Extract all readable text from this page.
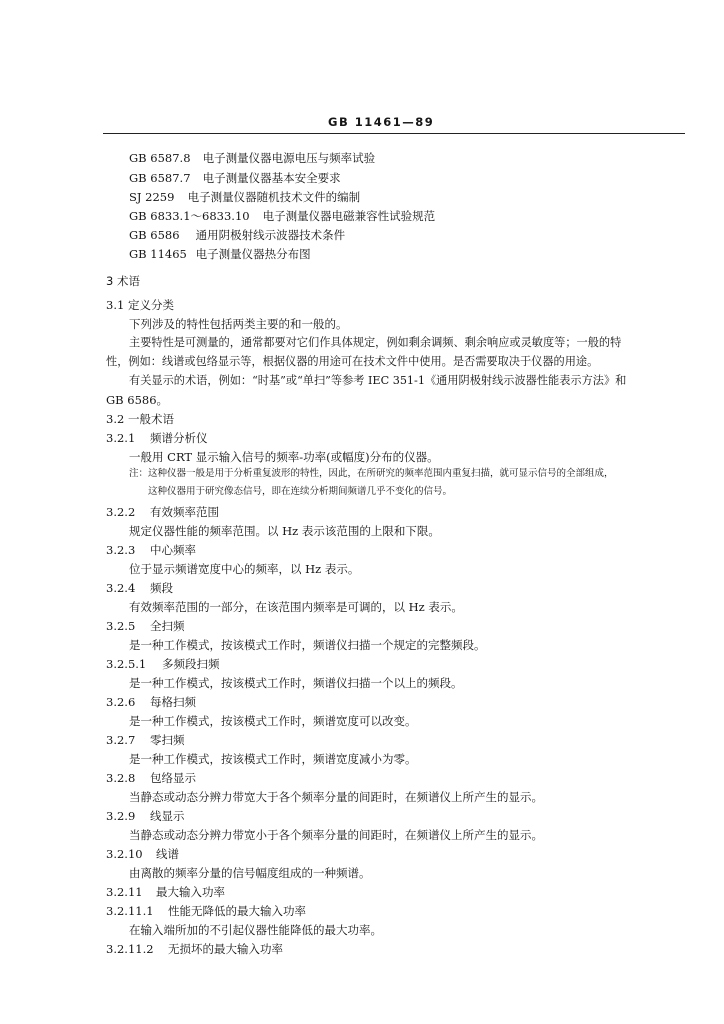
GB 11461—89
GB 6587.8 电子测量仪器电源电压与频率试验
GB 6587.7 电子测量仪器基本安全要求
SJ 2259 电子测量仪器随机技术文件的编制
GB 6833.1～6833.10 电子测量仪器电磁兼容性试验规范
GB 6586 通用阴极射线示波器技术条件
GB 11465 电子测量仪器热分布图
3 术语
3.1 定义分类
下列涉及的特性包括两类主要的和一般的。
主要特性是可测量的，通常都要对它们作具体规定，例如剩余调频、剩余响应或灵敏度等；一般的特
性，例如：线谱或包络显示等，根据仪器的用途可在技术文件中使用。是否需要取决于仪器的用途。
有关显示的术语，例如：“时基”或“单扫”等参考 IEC 351-1《通用阴极射线示波器性能表示方法》和
GB 6586。
3.2 一般术语
3.2.1 频谱分析仪
一般用 CRT 显示输入信号的频率-功率(或幅度)分布的仪器。
注：这种仪器一般是用于分析重复波形的特性，因此，在所研究的频率范围内重复扫描，就可显示信号的全部组成，
这种仪器用于研究像态信号，即在连续分析期间频谱几乎不变化的信号。
3.2.2 有效频率范围
规定仪器性能的频率范围。以 Hz 表示该范围的上限和下限。
3.2.3 中心频率
位于显示频谱宽度中心的频率，以 Hz 表示。
3.2.4 频段
有效频率范围的一部分，在该范围内频率是可调的，以 Hz 表示。
3.2.5 全扫频
是一种工作模式，按该模式工作时，频谱仪扫描一个规定的完整频段。
3.2.5.1 多频段扫频
是一种工作模式，按该模式工作时，频谱仪扫描一个以上的频段。
3.2.6 每格扫频
是一种工作模式，按该模式工作时，频谱宽度可以改变。
3.2.7 零扫频
是一种工作模式，按该模式工作时，频谱宽度减小为零。
3.2.8 包络显示
当静态或动态分辨力带宽大于各个频率分量的间距时，在频谱仪上所产生的显示。
3.2.9 线显示
当静态或动态分辨力带宽小于各个频率分量的间距时，在频谱仪上所产生的显示。
3.2.10 线谱
由离散的频率分量的信号幅度组成的一种频谱。
3.2.11 最大输入功率
3.2.11.1 性能无降低的最大输入功率
在输入端所加的不引起仪器性能降低的最大功率。
3.2.11.2 无损坏的最大输入功率
